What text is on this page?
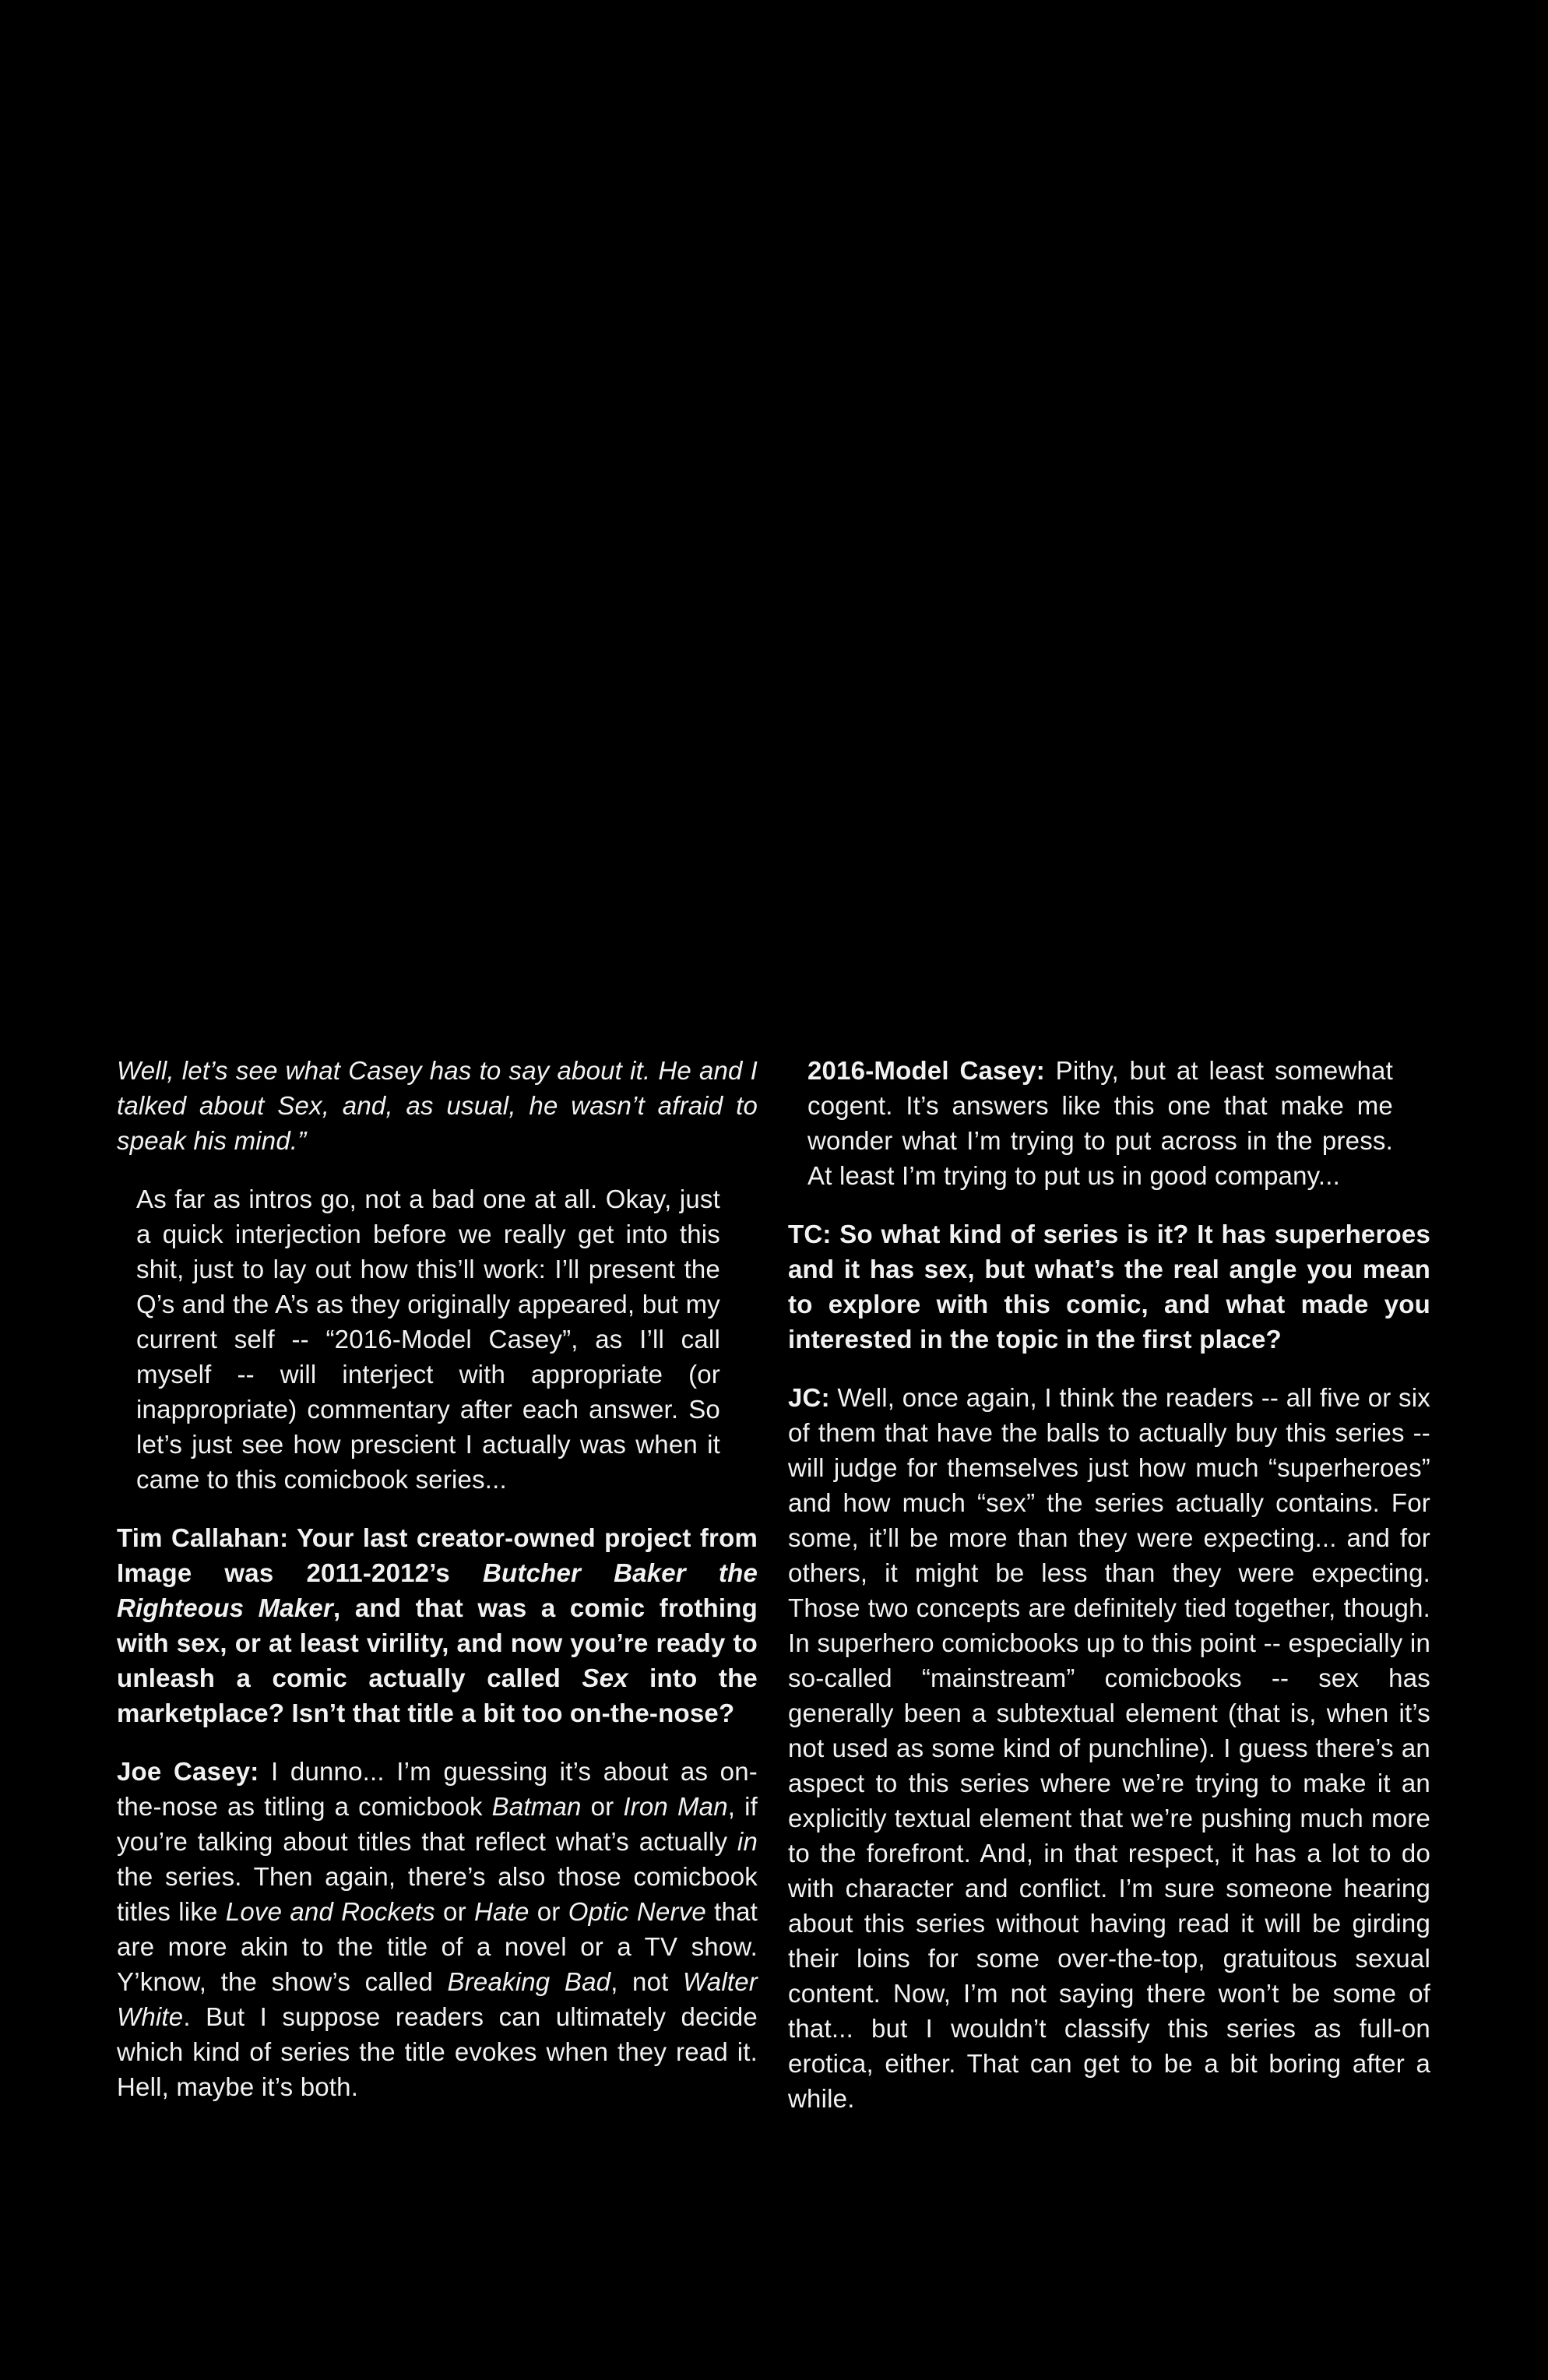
Well, let’s see what Casey has to say about it. He and I talked about Sex, and, as usual, he wasn’t afraid to speak his mind.”

As far as intros go, not a bad one at all. Okay, just a quick interjection before we really get into this shit, just to lay out how this’ll work: I’ll present the Q’s and the A’s as they originally appeared, but my current self -- “2016-Model Casey”, as I’ll call myself -- will interject with appropriate (or inappropriate) commentary after each answer. So let’s just see how prescient I actually was when it came to this comicbook series...

Tim Callahan: Your last creator-owned project from Image was 2011-2012’s Butcher Baker the Righteous Maker, and that was a comic frothing with sex, or at least virility, and now you’re ready to unleash a comic actually called Sex into the marketplace? Isn’t that title a bit too on-the-nose?

Joe Casey: I dunno... I’m guessing it’s about as on-the-nose as titling a comicbook Batman or Iron Man, if you’re talking about titles that reflect what’s actually in the series. Then again, there’s also those comicbook titles like Love and Rockets or Hate or Optic Nerve that are more akin to the title of a novel or a TV show. Y’know, the show’s called Breaking Bad, not Walter White. But I suppose readers can ultimately decide which kind of series the title evokes when they read it. Hell, maybe it’s both.

2016-Model Casey: Pithy, but at least somewhat cogent. It’s answers like this one that make me wonder what I’m trying to put across in the press. At least I’m trying to put us in good company...

TC: So what kind of series is it? It has superheroes and it has sex, but what’s the real angle you mean to explore with this comic, and what made you interested in the topic in the first place?

JC: Well, once again, I think the readers -- all five or six of them that have the balls to actually buy this series -- will judge for themselves just how much “superheroes” and how much “sex” the series actually contains. For some, it’ll be more than they were expecting... and for others, it might be less than they were expecting. Those two concepts are definitely tied together, though. In superhero comicbooks up to this point -- especially in so-called “mainstream” comicbooks -- sex has generally been a subtextual element (that is, when it’s not used as some kind of punchline). I guess there’s an aspect to this series where we’re trying to make it an explicitly textual element that we’re pushing much more to the forefront. And, in that respect, it has a lot to do with character and conflict. I’m sure someone hearing about this series without having read it will be girding their loins for some over-the-top, gratuitous sexual content. Now, I’m not saying there won’t be some of that... but I wouldn’t classify this series as full-on erotica, either. That can get to be a bit boring after a while.
